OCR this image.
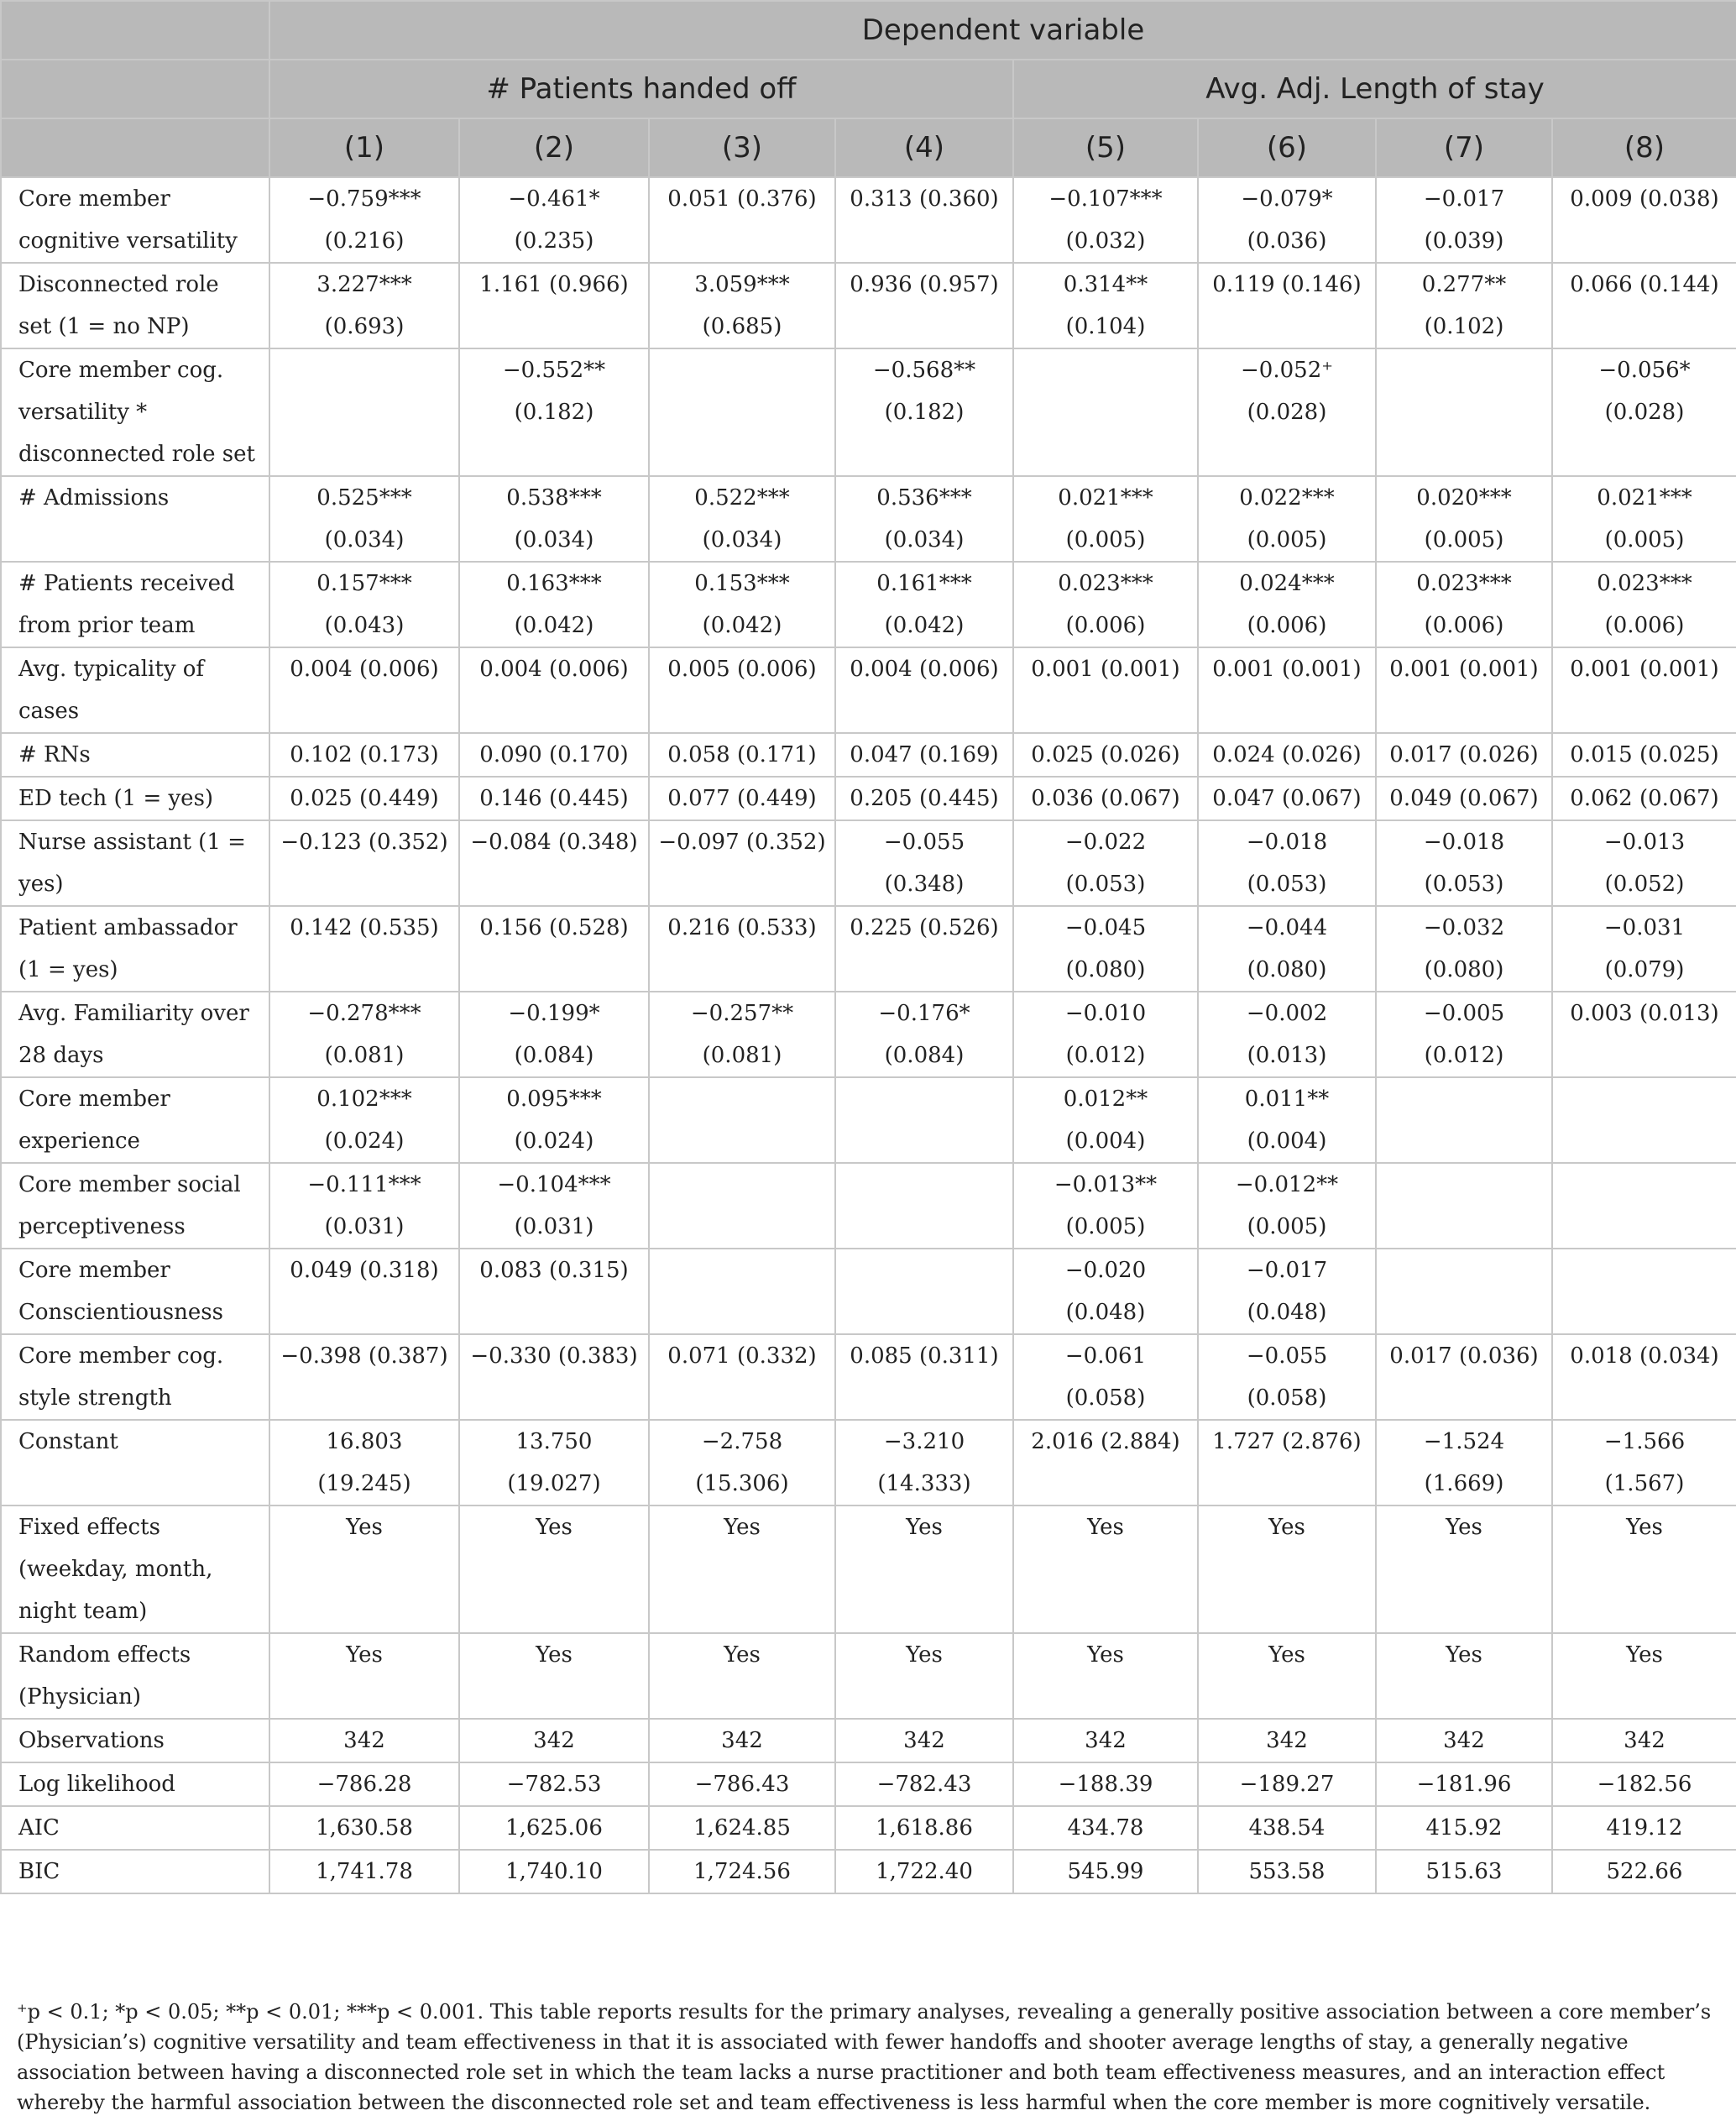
	Dependent variable							
	# Patients handed off				Avg. Adj. Length of stay			
	(1)	(2)	(3)	(4)	(5)	(6)	(7)	(8)
Core member cognitive versatility	−0.759*** (0.216)	−0.461* (0.235)	0.051 (0.376)	0.313 (0.360)	−0.107*** (0.032)	−0.079* (0.036)	−0.017 (0.039)	0.009 (0.038)
Disconnected role set (1 = no NP)	3.227*** (0.693)	1.161 (0.966)	3.059*** (0.685)	0.936 (0.957)	0.314** (0.104)	0.119 (0.146)	0.277** (0.102)	0.066 (0.144)
Core member cog. versatility * disconnected role set		−0.552** (0.182)		−0.568** (0.182)		−0.052⁺ (0.028)		−0.056* (0.028)
# Admissions	0.525*** (0.034)	0.538*** (0.034)	0.522*** (0.034)	0.536*** (0.034)	0.021*** (0.005)	0.022*** (0.005)	0.020*** (0.005)	0.021*** (0.005)
# Patients received from prior team	0.157*** (0.043)	0.163*** (0.042)	0.153*** (0.042)	0.161*** (0.042)	0.023*** (0.006)	0.024*** (0.006)	0.023*** (0.006)	0.023*** (0.006)
Avg. typicality of cases	0.004 (0.006)	0.004 (0.006)	0.005 (0.006)	0.004 (0.006)	0.001 (0.001)	0.001 (0.001)	0.001 (0.001)	0.001 (0.001)
# RNs	0.102 (0.173)	0.090 (0.170)	0.058 (0.171)	0.047 (0.169)	0.025 (0.026)	0.024 (0.026)	0.017 (0.026)	0.015 (0.025)
ED tech (1 = yes)	0.025 (0.449)	0.146 (0.445)	0.077 (0.449)	0.205 (0.445)	0.036 (0.067)	0.047 (0.067)	0.049 (0.067)	0.062 (0.067)
Nurse assistant (1 = yes)	−0.123 (0.352)	−0.084 (0.348)	−0.097 (0.352)	−0.055 (0.348)	−0.022 (0.053)	−0.018 (0.053)	−0.018 (0.053)	−0.013 (0.052)
Patient ambassador (1 = yes)	0.142 (0.535)	0.156 (0.528)	0.216 (0.533)	0.225 (0.526)	−0.045 (0.080)	−0.044 (0.080)	−0.032 (0.080)	−0.031 (0.079)
Avg. Familiarity over 28 days	−0.278*** (0.081)	−0.199* (0.084)	−0.257** (0.081)	−0.176* (0.084)	−0.010 (0.012)	−0.002 (0.013)	−0.005 (0.012)	0.003 (0.013)
Core member experience	0.102*** (0.024)	0.095*** (0.024)			0.012** (0.004)	0.011** (0.004)		
Core member social perceptiveness	−0.111*** (0.031)	−0.104*** (0.031)			−0.013** (0.005)	−0.012** (0.005)		
Core member Conscientiousness	0.049 (0.318)	0.083 (0.315)			−0.020 (0.048)	−0.017 (0.048)		
Core member cog. style strength	−0.398 (0.387)	−0.330 (0.383)	0.071 (0.332)	0.085 (0.311)	−0.061 (0.058)	−0.055 (0.058)	0.017 (0.036)	0.018 (0.034)
Constant	16.803 (19.245)	13.750 (19.027)	−2.758 (15.306)	−3.210 (14.333)	2.016 (2.884)	1.727 (2.876)	−1.524 (1.669)	−1.566 (1.567)
Fixed effects (weekday, month, night team)	Yes	Yes	Yes	Yes	Yes	Yes	Yes	Yes
Random effects (Physician)	Yes	Yes	Yes	Yes	Yes	Yes	Yes	Yes
Observations	342	342	342	342	342	342	342	342
Log likelihood	−786.28	−782.53	−786.43	−782.43	−188.39	−189.27	−181.96	−182.56
AIC	1,630.58	1,625.06	1,624.85	1,618.86	434.78	438.54	415.92	419.12
BIC	1,741.78	1,740.10	1,724.56	1,722.40	545.99	553.58	515.63	522.66
⁺p < 0.1; *p < 0.05; **p < 0.01; ***p < 0.001. This table reports results for the primary analyses, revealing a generally positive association between a core member’s (Physician’s) cognitive versatility and team effectiveness in that it is associated with fewer handoffs and shooter average lengths of stay, a generally negative association between having a disconnected role set in which the team lacks a nurse practitioner and both team effectiveness measures, and an interaction effect whereby the harmful association between the disconnected role set and team effectiveness is less harmful when the core member is more cognitively versatile.
